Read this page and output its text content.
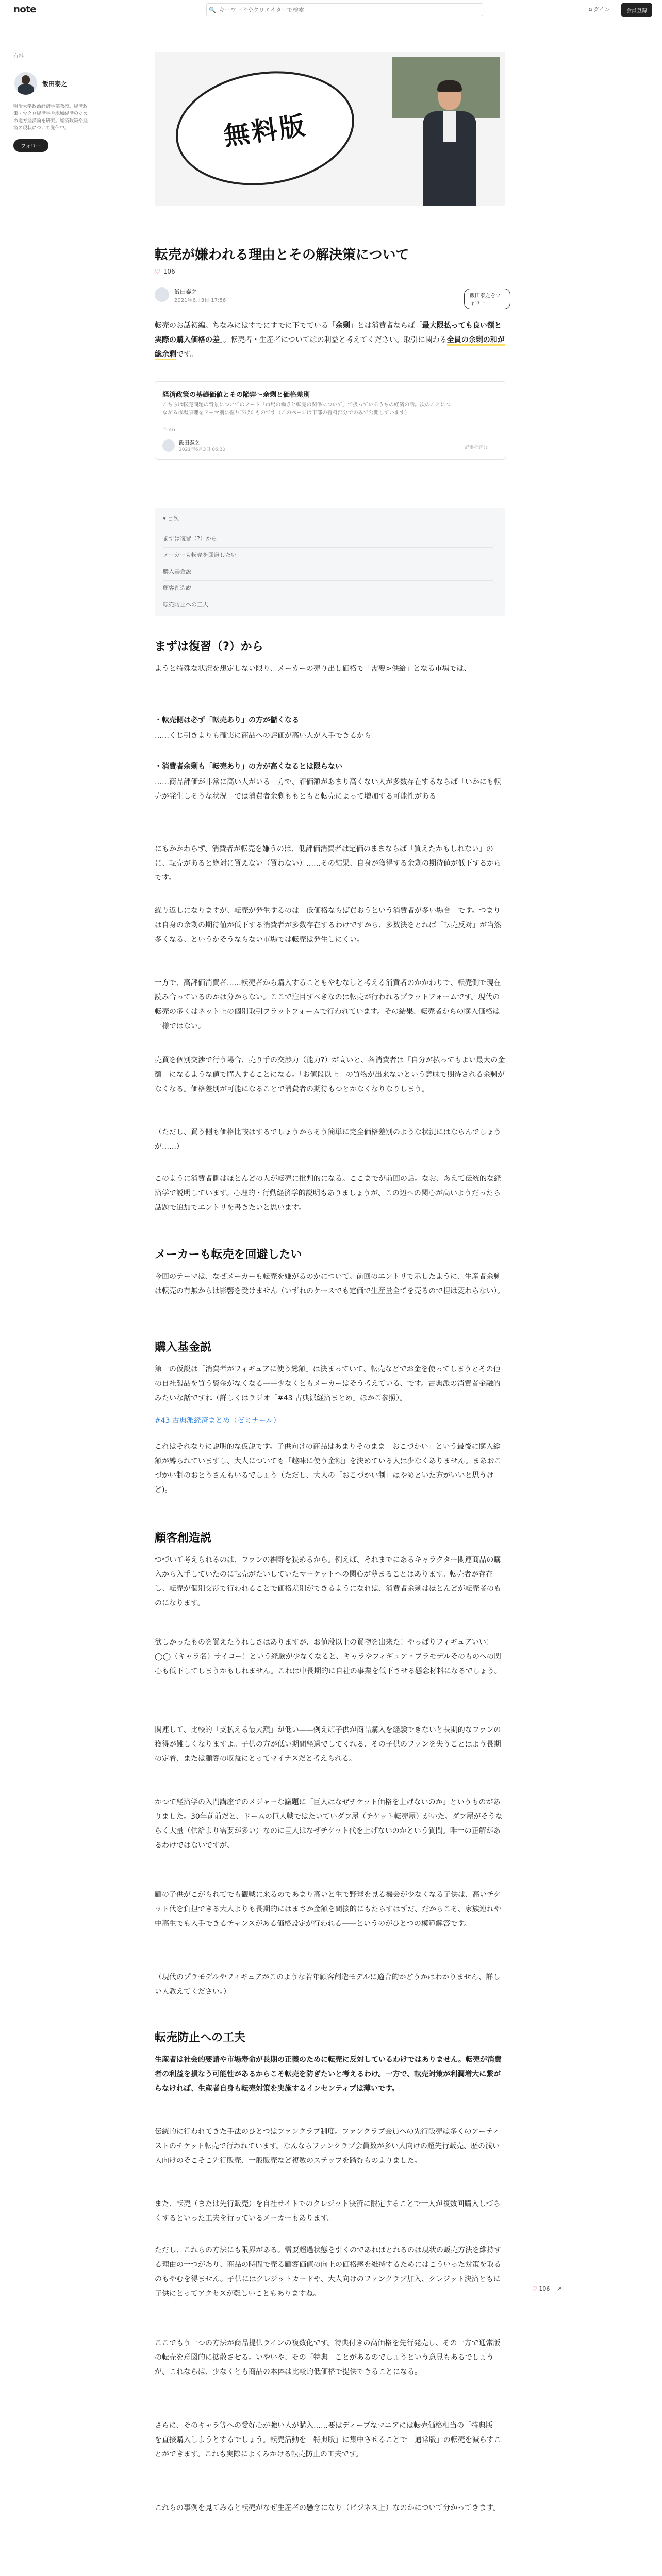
note	🔍
キーワードやクリエイターで検索	ログイン	会員登録
有料
飯田泰之
明治大学政治経済学部教授。経済政策・マクロ経済学や地域経済のための地方経済論を研究。経済政策や経済の現状について発信中。
フォロー	無料版
転売が嫌われる理由とその解決策について
♡ 106
飯田泰之
2021年6月3日 17:56
飯田泰之をフォロー

転売のお話初編。ちなみにはすでにすでに下でている「余剰」とは消費者ならば「最大限払っても良い額と実際の購入価格の差」。転売者・生産者についてはの利益と考えてください。取引に関わる全員の余剰の和が総余剰です。

経済政策の基礎価値とその陥穽〜余剰と価格差別
こちらは転売問題の背景についてのノート「市場の働きと転売の関係について」で扱っているうちの経済の話。次のことにつながる市場原理をテーマ別に掘り下げたものです（このページは下部の有料部分でのみで公開しています）
♡ 46
飯田泰之
2021年6月3日 06:30	記事を読む
▾ 目次
まずは復習（?）から
メーカーも転売を回避したい
購入基金説
顧客創造説
転売防止への工夫
まずは復習（?）から

ようと特殊な状況を想定しない限り、メーカーの売り出し価格で「需要>供給」となる市場では、

・転売側は必ず「転売あり」の方が儲くなる

……くじ引きよりも確実に商品への評価が高い人が入手できるから

・消費者余剰も「転売あり」の方が高くなるとは限らない

……商品評価が非常に高い人がいる一方で、評価額があまり高くない人が多数存在するならば「いかにも転売が発生しそうな状況」では消費者余剰ももともと転売によって増加する可能性がある

にもかかわらず、消費者が転売を嫌うのは、低評価消費者は定価のままならば「買えたかもしれない」のに、転売があると絶対に買えない（買わない）……その結果、自身が獲得する余剰の期待値が低下するからです。

繰り返しになりますが、転売が発生するのは「低価格ならば買おうという消費者が多い場合」です。つまりは自身の余剰の期待値が低下する消費者が多数存在するわけですから、多数決をとれば「転売反対」が当然多くなる、というかそうならない市場では転売は発生しにくい。

一方で、高評価消費者……転売者から購入することもやむなしと考える消費者のかかわりで、転売側で現在読み合っているのかは分からない。ここで注目すべきなのは転売が行われるプラットフォームです。現代の転売の多くはネット上の個別取引プラットフォームで行われています。その結果、転売者からの購入価格は一様ではない。

売買を個別交渉で行う場合、売り手の交渉力（能力?）が高いと、各消費者は「自分が払ってもよい最大の金額」になるような値で購入することになる。「お値段以上」の買物が出来ないという意味で期待される余剰がなくなる。価格差別が可能になることで消費者の期待もつとかなくなりなりしまう。

（ただし、買う側も価格比較はするでしょうからそう簡単に完全価格差別のような状況にはならんでしょうが……）

このように消費者側はほとんどの人が転売に批判的になる。ここまでが前回の話。なお、あえて伝統的な経済学で説明しています。心理的・行動経済学的説明もありましょうが、この辺への関心が高いようだったら話題で追加でエントリを書きたいと思います。

メーカーも転売を回避したい

今回のテーマは、なぜメーカーも転売を嫌がるのかについて。前回のエントリで示したように、生産者余剰は転売の有無からは影響を受けません（いずれのケースでも定価で生産量全てを売るので担は変わらない）。

購入基金説

第一の仮説は「消費者がフィギュアに使う総額」は決まっていて、転売などでお金を使ってしまうとその他の自社製品を買う資金がなくなる——少なくともメーカーはそう考えている、です。古典派の消費者金融的みたいな話ですね（詳しくはラジオ「#43 古典派経済まとめ」ほかご参照）。

#43 古典派経済まとめ（ゼミナール）

これはそれなりに説明的な仮説です。子供向けの商品はあまりそのまま「おこづかい」という最後に購入総額が縛られていますし、大人についても「趣味に使う金額」を決めている人は少なくありません。まあおこづかい制のおとうさんもいるでしょう（ただし、大人の「おこづかい制」はやめといた方がいいと思うけど)。

顧客創造説

つづいて考えられるのは、ファンの裾野を狭めるから。例えば、それまでにあるキャラクター関連商品の購入から入手していたのに転売がたいしていたマーケットへの関心が薄まることはあります。転売者が存在し、転売が個別交渉で行われることで価格差別ができるようになれば、消費者余剰はほとんどが転売者のものになります。

欲しかったものを買えたうれしさはありますが、お値段以上の買物を出来た！やっぱりフィギュアいい！◯◯（キャラ名）サイコー！という経験が少なくなると、キャラやフィギュア・プラモデルそのものへの関心も低下してしまうかもしれません。これは中長期的に自社の事業を低下させる懸念材料になるでしょう。

関連して、比較的「支払える最大額」が低い——例えば子供が商品購入を経験できないと長期的なファンの獲得が難しくなりますよ。子供の方が低い期間経過でしてくれる、その子供のファンを失うことはよう長期の定着、または顧客の収益にとってマイナスだと考えられる。

かつて経済学の入門講座でのメジャーな議題に「巨人はなぜチケット価格を上げないのか」というものがありました。30年前前だと、ドームの巨人戦ではたいていダフ屋（チケット転売屋）がいた。ダフ屋がそうならく大量（供給より需要が多い）なのに巨人はなぜチケット代を上げないのかという質問。唯一の正解があるわけではないですが、

顧の子供がこがられてでも観戦に来るのであまり高いと生で野球を見る機会が少なくなる子供は、高いチケット代を負担できる大人よりも長期的にはまさか金額を間接的にもたらすはずだ、だからこそ、家族連れや中高生でも入手できるチャンスがある価格設定が行われる――というのがひとつの模範解答です。

（現代のプラモデルやフィギュアがこのような若年顧客創造モデルに適合的かどうかはわかりません、詳しい人教えてください。）

転売防止への工夫

生産者は社会的要請や市場寿命が長期の正義のために転売に反対しているわけではありません。転売が消費者の利益を損なう可能性があるからこそ転売を防ぎたいと考えるわけ。一方で、転売対策が利潤増大に繋がらなければ、生産者自身も転売対策を実施するインセンティブは薄いです。

伝統的に行われてきた手法のひとつはファンクラブ制度。ファンクラブ会員への先行販売は多くのアーティストのチケット転売で行われています。なんならファンクラブ会員数が多い人向けの超先行販売、歴の浅い人向けのそこそこ先行販売、一般販売など複数のステップを踏むものよりました。

また、転売（または先行販売）を自社サイトでのクレジット決済に限定することで一人が複数回購入しづらくするといった工夫を行っているメーカーもあります。

ただし、これらの方法にも限界がある。需要超過状態を引くのであればとれるのは現状の販売方法を維持する理由の一つがあり、商品の時間で売る顧客価値の向上の価格感を維持するためにはこういった対策を取るのもやむを得ません。子供にはクレジットカードや、大人向けのファンクラブ加入、クレジット決済ともに子供にとってアクセスが難しいこともありますね。

ここでもう一つの方法が商品提供ラインの複数化です。特典付きの高価格を先行発売し、その一方で通常版の転売を意図的に拡散させる。いやいや、その「特典」ことがあるのでしょうという意見もあるでしょうが、これならば、少なくとも商品の本体は比較的低価格で提供できることになる。

さらに、そのキャラ等への愛好心が強い人が購入……要はディープなマニアには転売価格相当の「特典版」を直接購入しようとするでしょう。転売活動を「特典版」に集中させることで「通常版」の転売を減らすことができます。これも実際によくみかける転売防止の工夫です。

これらの事例を見てみると転売がなぜ生産者の懸念になり（ビジネス上）なのかについて分かってきます。

♡ 106 ↗
